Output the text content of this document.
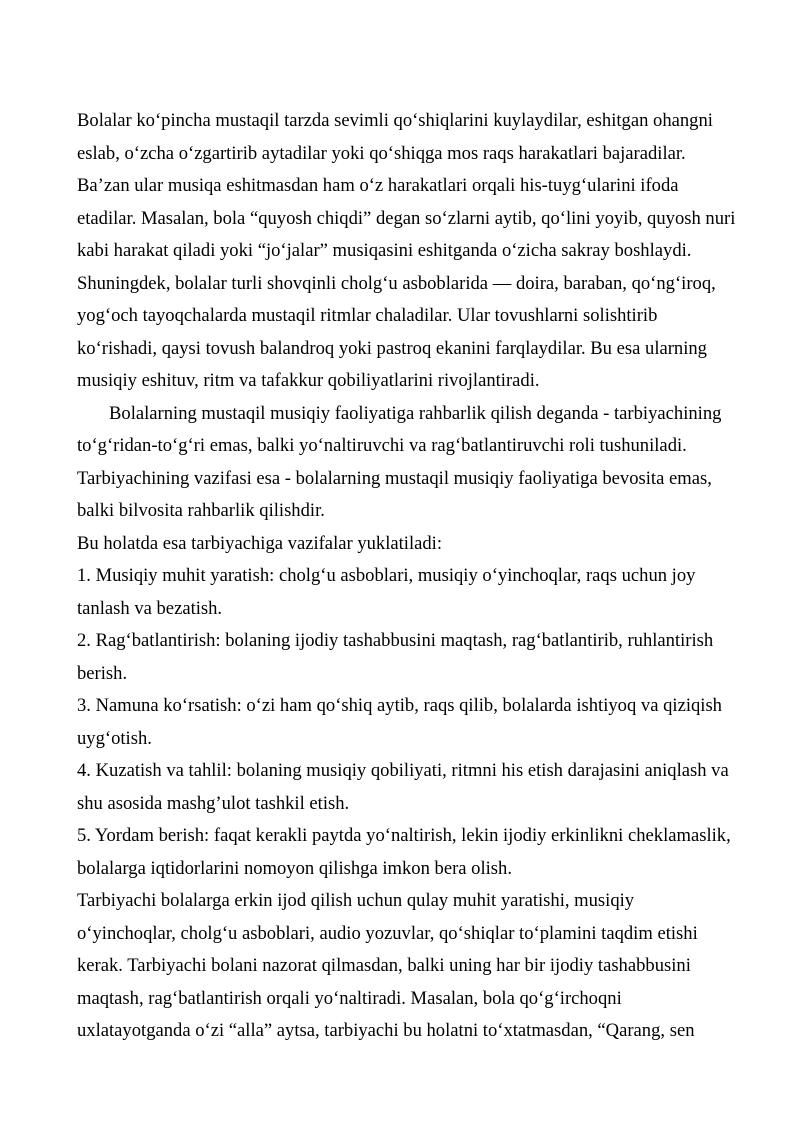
Bolalar ko‘pincha mustaqil tarzda sevimli qo‘shiqlarini kuylaydilar, eshitgan ohangni eslab, o‘zcha o‘zgartirib aytadilar yoki qo‘shiqga mos raqs harakatlari bajaradilar. Ba’zan ular musiqa eshitmasdan ham o‘z harakatlari orqali his-tuyg‘ularini ifoda etadilar. Masalan, bola “quyosh chiqdi” degan so‘zlarni aytib, qo‘lini yoyib, quyosh nuri kabi harakat qiladi yoki “jo‘jalar” musiqasini eshitganda o‘zicha sakray boshlaydi. Shuningdek, bolalar turli shovqinli cholg‘u asboblarida — doira, baraban, qo‘ng‘iroq, yog‘och tayoqchalarda mustaqil ritmlar chaladilar. Ular tovushlarni solishtirib ko‘rishadi, qaysi tovush balandroq yoki pastroq ekanini farqlaydilar. Bu esa ularning musiqiy eshituv, ritm va tafakkur qobiliyatlarini rivojlantiradi.

Bolalarning mustaqil musiqiy faoliyatiga rahbarlik qilish deganda - tarbiyachining to‘g‘ridan-to‘g‘ri emas, balki yo‘naltiruvchi va rag‘batlantiruvchi roli tushuniladi. Tarbiyachining vazifasi esa - bolalarning mustaqil musiqiy faoliyatiga bevosita emas, balki bilvosita rahbarlik qilishdir.

Bu holatda esa tarbiyachiga vazifalar yuklatiladi:

1. Musiqiy muhit yaratish: cholg‘u asboblari, musiqiy o‘yinchoqlar, raqs uchun joy tanlash va bezatish.

2. Rag‘batlantirish: bolaning ijodiy tashabbusini maqtash, rag‘batlantirib, ruhlantirish berish.

3. Namuna ko‘rsatish: o‘zi ham qo‘shiq aytib, raqs qilib, bolalarda ishtiyoq va qiziqish uyg‘otish.

4. Kuzatish va tahlil: bolaning musiqiy qobiliyati, ritmni his etish darajasini aniqlash va shu asosida mashg’ulot tashkil etish.

5. Yordam berish: faqat kerakli paytda yo‘naltirish, lekin ijodiy erkinlikni cheklamaslik, bolalarga iqtidorlarini nomoyon qilishga imkon bera olish.

Tarbiyachi bolalarga erkin ijod qilish uchun qulay muhit yaratishi, musiqiy o‘yinchoqlar, cholg‘u asboblari, audio yozuvlar, qo‘shiqlar to‘plamini taqdim etishi kerak. Tarbiyachi bolani nazorat qilmasdan, balki uning har bir ijodiy tashabbusini maqtash, rag‘batlantirish orqali yo‘naltiradi. Masalan, bola qo‘g‘irchoqni uxlatayotganda o‘zi “alla” aytsa, tarbiyachi bu holatni to‘xtatmasdan, “Qarang, sen
